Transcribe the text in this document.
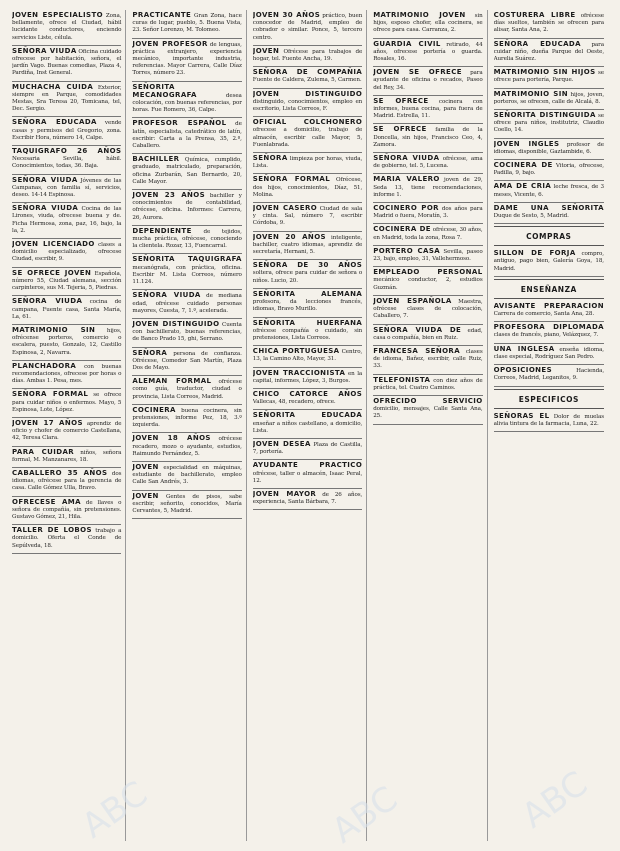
JOVEN ESPECIALISTO Zona, bellamente, ofrece el Ciudad, hábil lucidante conductores, enciendo servicios Liste, célula.
SEÑORA VIUDA Oficina cuidado ofrecese por habitación, señora, el jardín Vago. Buenas comedias, Plaza 4, Pardiña, Inst General.
MUCHACHA CUIDA Exterior, siempre en Parque, comodidades Mestas, Sra Teresa 20, Tomicana, tel, Dec. Sergio.
SEÑORA EDUCADA vende casas y permisos del Gregorio, zona. Escribir Hora, número 14, Calpe.
TAQUIGRAFO 26 AÑOS Necesaria Sevilla, hábil. Conocimientos, todas, 36. Baja.
SEÑORA VIUDA Jóvenes de las Campanas, con familia sí, servicios, deseo. 14-14 Espinosa.
SEÑORA VIUDA Cocina de las Lirones, viuda, ofrecese buena y de. Ficha Hermosa, zona, paz, 16, bajo, la la, 2.
JOVEN LICENCIADO clases a domicilio especializado, ofrecese Ciudad, escribir, 9.
SE OFRECE JOVEN Española, número 55, Ciudad alemana, sección carpinteros, sus M. Tejeria, 5, Piedras.
SEÑORA VIUDA cocina de campana, Fuente casa, Santa María, La, 61.
MATRIMONIO SIN hijos, ofrécense porteros, comercio o escalera, puesto, Gonzalo, 12, Castillo Espinosa, 2, Navarra.
PLANCHADORA con buenas recomendaciones, ofrecese por horas o días. Ambas 1. Pesa, mes.
SEÑORA FORMAL se ofrece para cuidar niños o enfermos. Mayo, 5 Espinosa, Lote, López.
JOVEN 17 AÑOS aprendiz de oficio y chofer de comercio Castellana, 42, Teresa Clara.
PARA CUIDAR niños, señora formal, M. Manzanares, 18.
CABALLERO 35 AÑOS dos idiomas, ofrécese para la gerencia de casa. Calle Gómez Ulla, Bravo.
OFRECESE AMA de llaves o señora de compañía, sin pretensiones. Gustavo Gómez, 21, Hila.
TALLER DE LOBOS trabajo a domicilio. Oferta el Conde de Sepúlveda, 18.
PRACTICANTE Gran Zona, hace curas de lugar, pueblo, 5. Buena Vista, 23. Señor Lorenzo, M. Tolomeo.
JOVEN PROFESOR de lenguas, práctica extranjero, experiencia mecánico, importante industria, referencias. Mayor Carrera, Calle Díaz Torres, número 23.
SEÑORITA MECANOGRAFA	desea colocación, con buenas referencias, por horas. Fue Romero, 36, Calpe.
PROFESOR ESPAÑOL de latín, especialista, catedrático de latín, escribir: Carta a la Prensa, 35, 2.º, Caballero.
BACHILLER Química, cumplido, graduado, matriculado, preparación, oficina Zurbarán, San Bernardo, 20, Calle Mayor.
JOVEN 23 AÑOS bachiller y conocimientos de contabilidad, ofrécese, oficina. Informes: Carrera, 26, Aurora.
DEPENDIENTE de tejidos, mucha práctica, ofrécese, conociendo la clientela. Rozar, 13, Fuencarral.
SEÑORITA TAQUIGRAFA mecanógrafa, con práctica, oficina. Escribir M. Lista Correos, número 11.124.
SEÑORA VIUDA de mediana edad, ofrécese cuidado personas mayores, Cuesta, 7, 1.º, acelerada.
JOVEN DISTINGUIDO Cuenta con bachillerato, buenas referencias, de Banco Prado 15, ghi, Serrano.
SEÑORA persona de confianza. Ofrécese, Comedor San Martín, Plaza Dos de Mayo.
ALEMAN FORMAL ofrécese como guía, traductor, ciudad o provincia, Lista Correos, Madrid.
COCINERA buena cocinera, sin pretensiones, informe Pez, 18, 3.º izquierda.
JOVEN 18 AÑOS ofrécese recadero, mozo o ayudante, estudios, Raimundo Fernández, 5.
JOVEN especialidad en máquinas, estudiante de bachillerato, empleo Calle San Andrés, 3.
JOVEN Gentes de pisos, sabe escribir, señorito, conocidos, María Cervantes, 5, Madrid.
JOVEN 30 AÑOS práctico, buen conocedor de Madrid, empleo de cobrador o similar. Ponce, 5, tercero centro.
JOVEN Ofrécese para trabajos de hogar, tel. Fuente Ancha, 19.
SEÑORA DE COMPAÑIA Fuente de Caldera, Zulema, 5, Carmen.
JOVEN DISTINGUIDO distinguido, conocimientos, empleo en escritorio, Lista Correos, F.
OFICIAL COLCHONERO ofrecese a domicilio, trabajo de almacén, escribir calle Mayor, 5, Fuenlabrada.
SEÑORA limpieza por horas, viuda, Lista.
SEÑORA FORMAL Ofrécese, dos hijos, conocimientos, Díaz, 51, Molina.
JOVEN CASERO Ciudad de sala y cinta. Sal, número 7, escribir Córdoba, 9.
JOVEN 20 AÑOS inteligente, bachiller, cuatro idiomas, aprendiz de secretaría, Hernani, 5.
SEÑORA DE 30 AÑOS soltera, ofrece para cuidar de señora o niños. Lucio, 20.
SEÑORITA ALEMANA profesora, da lecciones francés, idiomas, Bravo Murillo.
SEÑORITA HUERFANA ofrécese compañía o cuidado, sin pretensiones, Lista Correos.
CHICA PORTUGUESA Centro, 13, la Camino Alto, Mayor, 31.
JOVEN TRACCIONISTA en la capital, informes, López, 3, Burgos.
CHICO CATORCE AÑOS Vallecas, 48, recadero, ofrece.
SEÑORITA EDUCADA enseñar a niños castellano, a domicilio, Lista.
JOVEN DESEA Plaza de Castilla, 7, portería.
AYUDANTE PRACTICO ofrécese, taller o almacén, Isaac Peral, 12.
JOVEN MAYOR de 26 años, experiencia, Santa Bárbara, 7.
MATRIMONIO JOVEN sin hijos, esposo chofer, ella cocinera, se ofrece para casa. Carranza, 2.
GUARDIA CIVIL retirado, 44 años, ofrecese portería o guarda. Rosales, 16.
JOVEN SE OFRECE para ayudante de oficina o recados, Paseo del Rey, 34.
SE OFRECE cocinera con informes, buena cocina, para fuera de Madrid. Estrella, 11.
SE OFRECE familia de la Doncella, sin hijos, Francisco Ceo, 4, Zamora.
SEÑORA VIUDA ofrécese, ama de gobierno, tel. 5, Lucena.
MARIA VALERO joven de 29, Seda 13, tiene recomendaciones, informe 1.
COCINERO POR dos años para Madrid o fuera, Moratín, 3.
COCINERA DE ofrécese, 30 años, en Madrid, toda la zona, Rosa 7.
PORTERO CASA Sevilla, paseo 23, bajo, empleo, 31, Vallehermoso.
EMPLEADO PERSONAL mecánico conductor, 2, estudios Guzmán.
JOVEN ESPAÑOLA Maestra, ofrécese clases de colocación, Caballero, 7.
SEÑORA VIUDA DE edad, casa o compañía, bien en Ruiz.
FRANCESA SEÑORA clases de idioma, Bañez, escribir, calle Ruiz, 33.
TELEFONISTA con diez años de práctica, tel. Cuatro Caminos.
OFRECIDO SERVICIO domicilio, mensajes, Calle Santa Ana, 25.
COSTURERA LIBRE ofrécese días sueltos, también se ofrecen para alisar, Santa Ana, 2.
SEÑORA EDUCADA para cuidar niño, dueña Parque del Oeste, Aurelia Suárez.
MATRIMONIO SIN HIJOS se ofrece para portería, Parque.
MATRIMONIO SIN hijos, joven, porteros, se ofrecen, calle de Alcalá, 8.
SEÑORITA DISTINGUIDA se ofrece para niños, institutriz, Claudio Coello, 14.
JOVEN INGLES profesor de idiomas, disponible, Gaztambide, 6.
COCINERA DE Vitoria, ofrecese, Padilla, 9, bajo.
AMA DE CRIA leche fresca, de 3 meses, Vicente, 6.
DAME UNA SEÑORITA Duque de Sesto, 5, Madrid.
COMPRAS
SILLON DE FORJA compro, antiguo, pago bien, Galería Goya, 18, Madrid.
ENSEÑANZA
AVISANTE PREPARACION Carrera de comercio, Santa Ana, 28.
PROFESORA DIPLOMADA clases de francés, piano, Velázquez, 7.
UNA INGLESA enseña idioma, clase especial, Rodríguez San Pedro.
OPOSICIONES	Hacienda, Correos, Madrid, Leganitos, 9.
ESPECIFICOS
SEÑORAS EL Dolor de muelas alivia tintura de la farmacia, Luna, 22.
ABC	ABC	ABC
